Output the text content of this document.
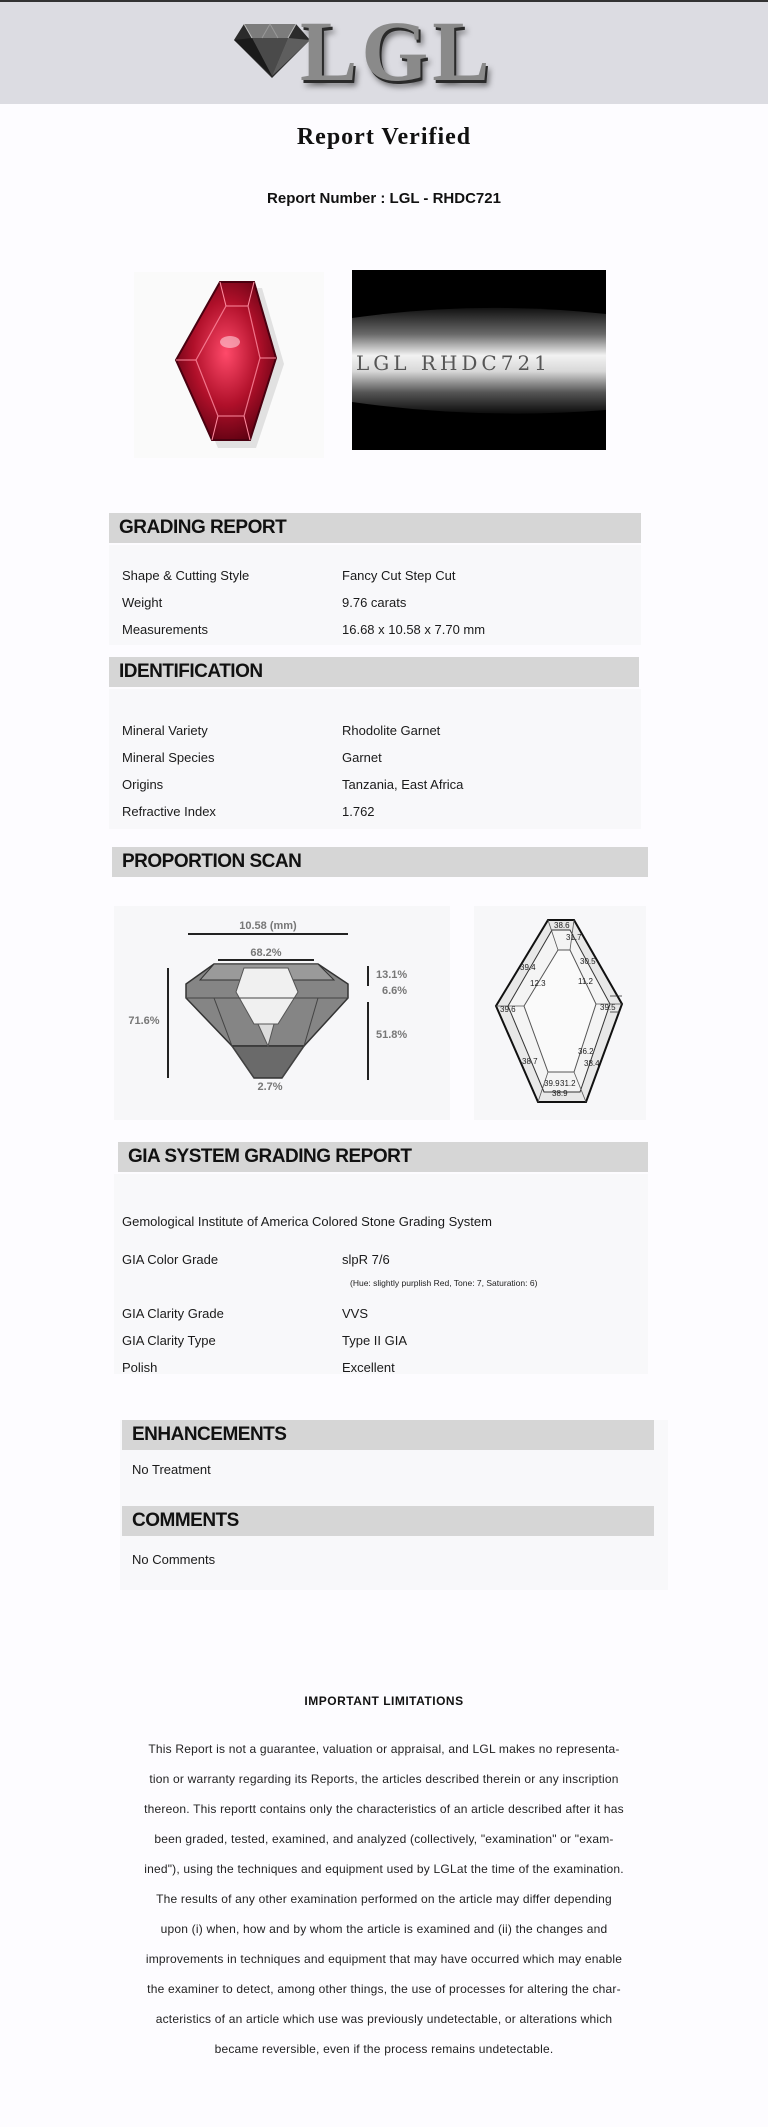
LGL
Report Verified
Report Number : LGL - RHDC721
LGL RHDC721
GRADING REPORT
Shape & Cutting Style	Fancy Cut Step Cut
Weight	9.76 carats
Measurements	16.68 x 10.58 x 7.70 mm
IDENTIFICATION
Mineral Variety	Rhodolite Garnet
Mineral Species	Garnet
Origins	Tanzania, East Africa
Refractive Index	1.762
PROPORTION SCAN
10.58 (mm)
68.2%
71.6%
13.1%
6.6%
51.8%
2.7%
38.6
31.7
30.5
39.4
12.3	11.2
39.6	39.5
36.2
38.7	38.4
39.9 31.2
38.9
GIA SYSTEM GRADING REPORT
Gemological Institute of America Colored Stone Grading System
GIA Color Grade	slpR 7/6
(Hue: slightly purplish Red, Tone: 7, Saturation: 6)
GIA Clarity Grade	VVS
GIA Clarity Type	Type II GIA
Polish	Excellent
ENHANCEMENTS
No Treatment
COMMENTS
No Comments
IMPORTANT LIMITATIONS
This Report is not a guarantee, valuation or appraisal, and LGL makes no representa-
tion or warranty regarding its Reports, the articles described therein or any inscription
thereon. This reportt contains only the characteristics of an article described after it has
been graded, tested, examined, and analyzed (collectively, "examination" or "exam-
ined"), using the techniques and equipment used by LGLat the time of the examination.
The results of any other examination performed on the article may differ depending
upon (i) when, how and by whom the article is examined and (ii) the changes and
improvements in techniques and equipment that may have occurred which may enable
the examiner to detect, among other things, the use of processes for altering the char-
acteristics of an article which use was previously undetectable, or alterations which
became reversible, even if the process remains undetectable.
